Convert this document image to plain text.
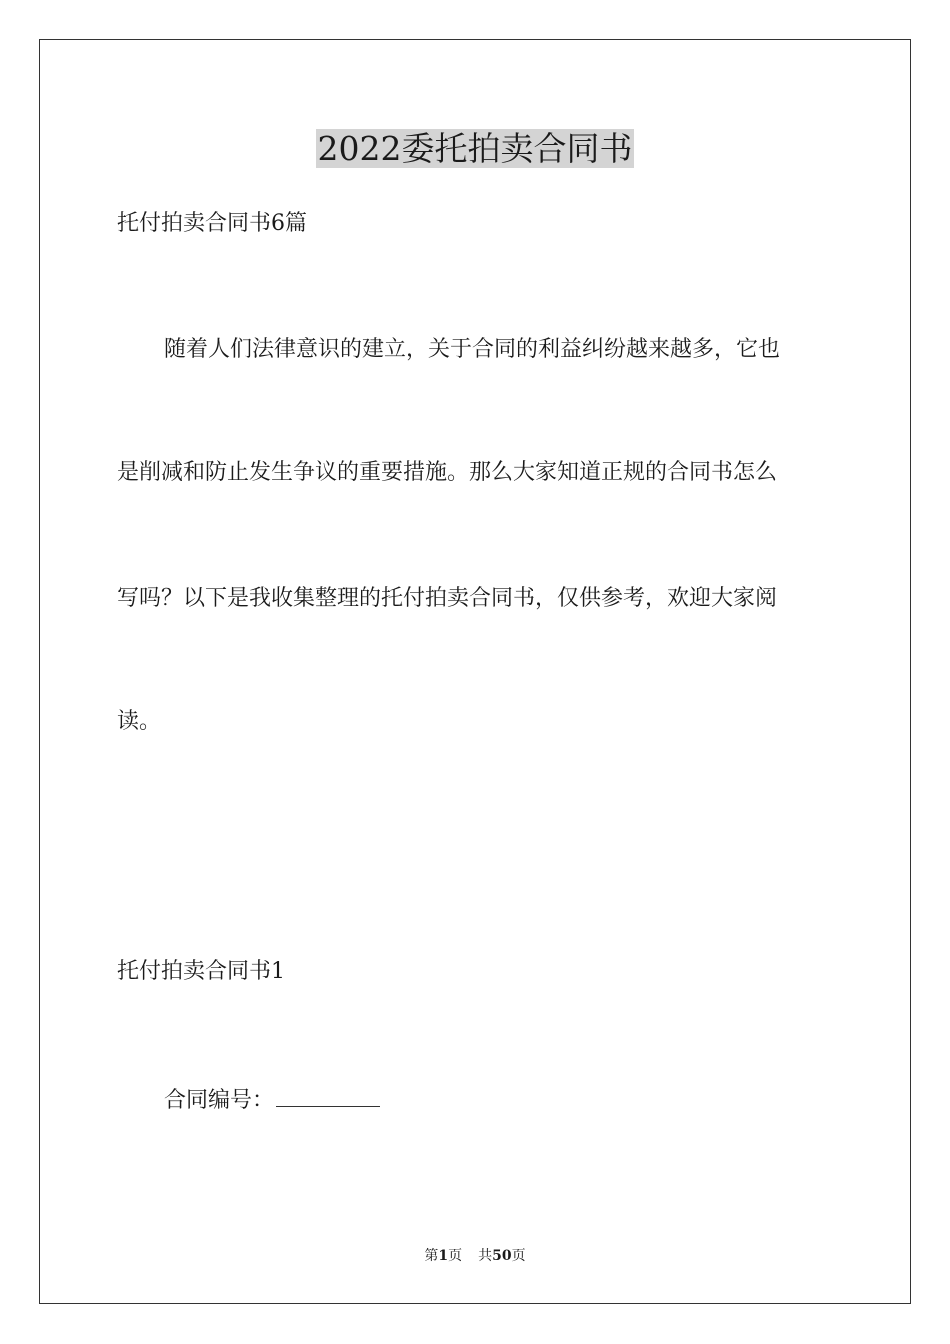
2022委托拍卖合同书
托付拍卖合同书6篇
随着人们法律意识的建立，关于合同的利益纠纷越来越多，它也
是削减和防止发生争议的重要措施。那么大家知道正规的合同书怎么
写吗？以下是我收集整理的托付拍卖合同书，仅供参考，欢迎大家阅
读。
托付拍卖合同书1
合同编号：
第1页 共50页
